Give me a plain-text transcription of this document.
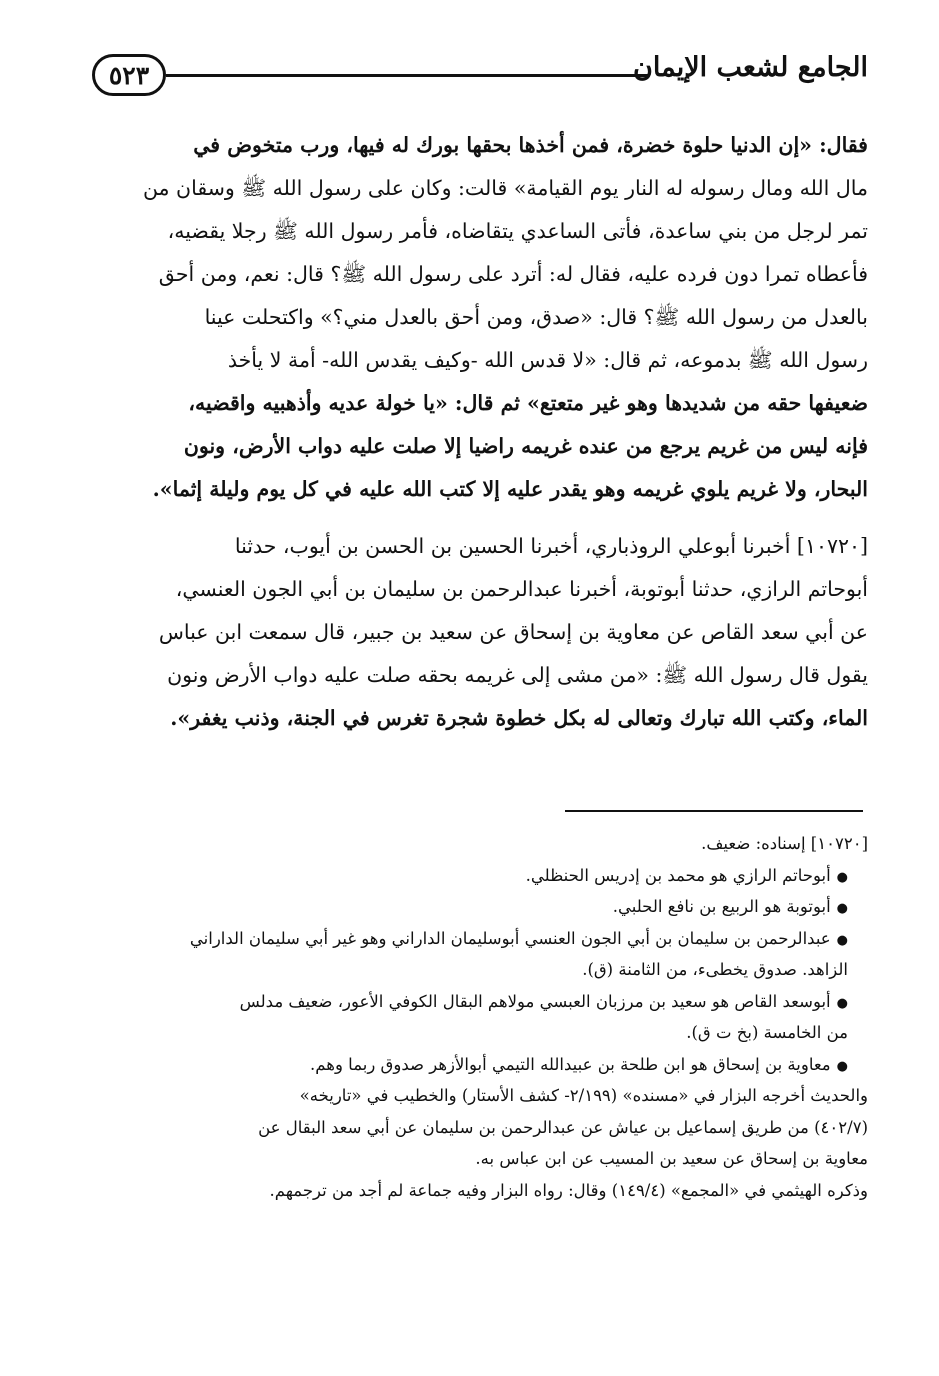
٥٢٣	الجامع لشعب الإيمان
فقال: «إن الدنيا حلوة خضرة، فمن أخذها بحقها بورك له فيها، ورب متخوض في
مال الله ومال رسوله له النار يوم القيامة» قالت: وكان على رسول الله ﷺ وسقان من
تمر لرجل من بني ساعدة، فأتى الساعدي يتقاضاه، فأمر رسول الله ﷺ رجلا يقضيه،
فأعطاه تمرا دون فرده عليه، فقال له: أترد على رسول الله ﷺ؟ قال: نعم، ومن أحق
بالعدل من رسول الله ﷺ؟ قال: «صدق، ومن أحق بالعدل مني؟» واكتحلت عينا
رسول الله ﷺ بدموعه، ثم قال: «لا قدس الله -وكيف يقدس الله- أمة لا يأخذ
ضعيفها حقه من شديدها وهو غير متعتع» ثم قال: «يا خولة عديه وأذهبيه واقضيه،
فإنه ليس من غريم يرجع من عنده غريمه راضيا إلا صلت عليه دواب الأرض، ونون
البحار، ولا غريم يلوي غريمه وهو يقدر عليه إلا كتب الله عليه في كل يوم وليلة إثما».
[١٠٧٢٠] أخبرنا أبوعلي الروذباري، أخبرنا الحسين بن الحسن بن أيوب، حدثنا
أبوحاتم الرازي، حدثنا أبوتوبة، أخبرنا عبدالرحمن بن سليمان بن أبي الجون العنسي،
عن أبي سعد القاص عن معاوية بن إسحاق عن سعيد بن جبير، قال سمعت ابن عباس
يقول قال رسول الله ﷺ: «من مشى إلى غريمه بحقه صلت عليه دواب الأرض ونون
الماء، وكتب الله تبارك وتعالى له بكل خطوة شجرة تغرس في الجنة، وذنب يغفر».
[١٠٧٢٠] إسناده: ضعيف.
●أبوحاتم الرازي هو محمد بن إدريس الحنظلي.
●أبوتوبة هو الربيع بن نافع الحلبي.
●عبدالرحمن بن سليمان بن أبي الجون العنسي أبوسليمان الداراني وهو غير أبي سليمان الداراني
الزاهد. صدوق يخطىء، من الثامنة (ق).
●أبوسعد القاص هو سعيد بن مرزبان العبسي مولاهم البقال الكوفي الأعور، ضعيف مدلس
من الخامسة (بخ ت ق).
●معاوية بن إسحاق هو ابن طلحة بن عبيدالله التيمي أبوالأزهر صدوق ربما وهم.
والحديث أخرجه البزار في «مسنده» (٢/١٩٩- كشف الأستار) والخطيب في «تاريخه»
(٤٠٢/٧) من طريق إسماعيل بن عياش عن عبدالرحمن بن سليمان عن أبي سعد البقال عن
معاوية بن إسحاق عن سعيد بن المسيب عن ابن عباس به.
وذكره الهيثمي في «المجمع» (١٤٩/٤) وقال: رواه البزار وفيه جماعة لم أجد من ترجمهم.
